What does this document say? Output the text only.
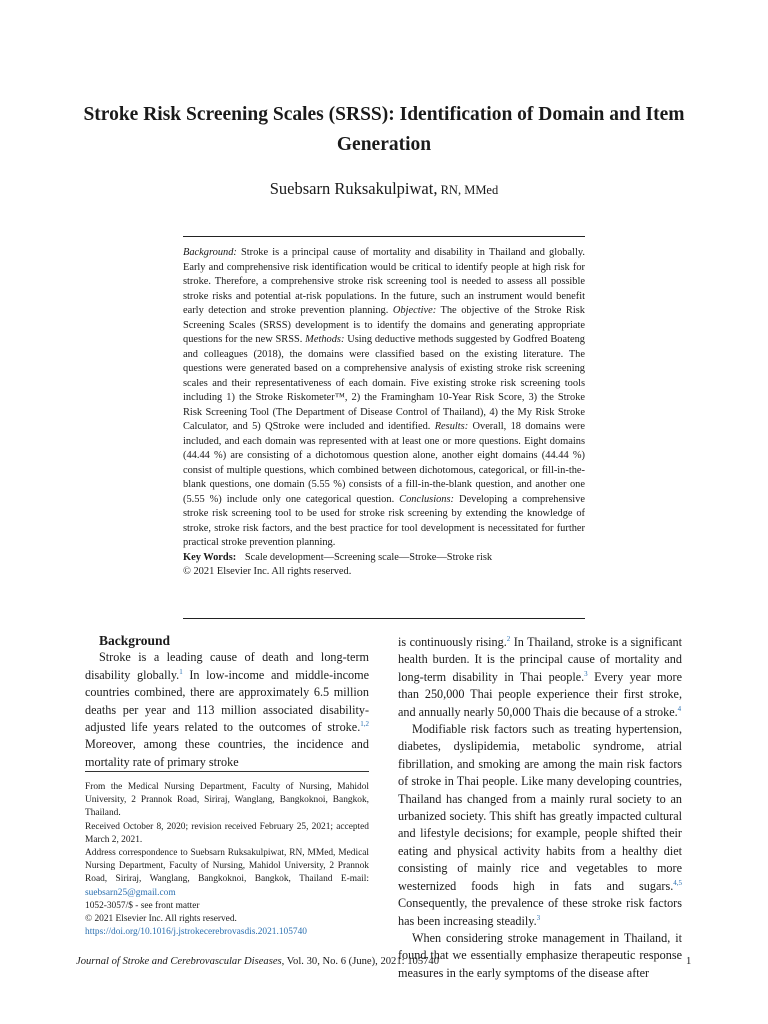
Stroke Risk Screening Scales (SRSS): Identification of Domain and Item Generation

Suebsarn Ruksakulpiwat, RN, MMed

Background: Stroke is a principal cause of mortality and disability in Thailand and globally. Early and comprehensive risk identification would be critical to identify people at high risk for stroke. Therefore, a comprehensive stroke risk screening tool is needed to assess all possible stroke risks and potential at-risk populations. In the future, such an instrument would benefit early detection and stroke prevention planning. Objective: The objective of the Stroke Risk Screening Scales (SRSS) development is to identify the domains and generating appropriate questions for the new SRSS. Methods: Using deductive methods suggested by Godfred Boateng and colleagues (2018), the domains were classified based on the existing literature. The questions were generated based on a comprehensive analysis of existing stroke risk screening scales and their representativeness of each domain. Five existing stroke risk screening tools including 1) the Stroke Riskometer™, 2) the Framingham 10-Year Risk Score, 3) the Stroke Risk Screening Tool (The Department of Disease Control of Thailand), 4) the My Risk Stroke Calculator, and 5) QStroke were included and identified. Results: Overall, 18 domains were included, and each domain was represented with at least one or more questions. Eight domains (44.44 %) are consisting of a dichotomous question alone, another eight domains (44.44 %) consist of multiple questions, which combined between dichotomous, categorical, or fill-in-the-blank questions, one domain (5.55 %) consists of a fill-in-the-blank question, and another one (5.55 %) include only one categorical question. Conclusions: Developing a comprehensive stroke risk screening tool to be used for stroke risk screening by extending the knowledge of stroke, stroke risk factors, and the best practice for tool development is necessitated for further practical stroke prevention planning.

Key Words: Scale development—Screening scale—Stroke—Stroke risk

© 2021 Elsevier Inc. All rights reserved.

Background

Stroke is a leading cause of death and long-term disability globally.$^1$ In low-income and middle-income countries combined, there are approximately 6.5 million deaths per year and 113 million associated disability-adjusted life years related to the outcomes of stroke.$^{1,2}$ Moreover, among these countries, the incidence and mortality rate of primary stroke

From the Medical Nursing Department, Faculty of Nursing, Mahidol University, 2 Prannok Road, Siriraj, Wanglang, Bangkoknoi, Bangkok, Thailand.

Received October 8, 2020; revision received February 25, 2021; accepted March 2, 2021.

Address correspondence to Suebsarn Ruksakulpiwat, RN, MMed, Medical Nursing Department, Faculty of Nursing, Mahidol University, 2 Prannok Road, Siriraj, Wanglang, Bangkoknoi, Bangkok, Thailand E-mail: suebsarn25@gmail.com

1052-3057/$ - see front matter

© 2021 Elsevier Inc. All rights reserved.

https://doi.org/10.1016/j.jstrokecerebrovasdis.2021.105740

is continuously rising.$^2$ In Thailand, stroke is a significant health burden. It is the principal cause of mortality and long-term disability in Thai people.$^3$ Every year more than 250,000 Thai people experience their first stroke, and annually nearly 50,000 Thais die because of a stroke.$^4$

Modifiable risk factors such as treating hypertension, diabetes, dyslipidemia, metabolic syndrome, atrial fibrillation, and smoking are among the main risk factors of stroke in Thai people. Like many developing countries, Thailand has changed from a mainly rural society to an urbanized society. This shift has greatly impacted cultural and lifestyle decisions; for example, people shifted their eating and physical activity habits from a healthy diet consisting of mainly rice and vegetables to more westernized foods high in fats and sugars.$^{4,5}$ Consequently, the prevalence of these stroke risk factors has been increasing steadily.$^3$

When considering stroke management in Thailand, it found that we essentially emphasize therapeutic response measures in the early symptoms of the disease after

Journal of Stroke and Cerebrovascular Diseases, Vol. 30, No. 6 (June), 2021: 105740	1
